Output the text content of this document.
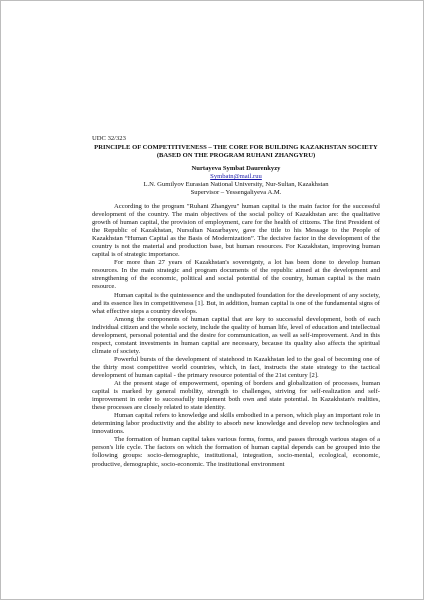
UDC 32/323
PRINCIPLE OF COMPETITIVENESS – THE CORE FOR BUILDING KAZAKHSTAN SOCIETY (BASED ON THE PROGRAM RUHANI ZHANGYRU)
Nurtayeva Symbat Daurenkyzy
Symbatn@mail.ruu
L.N. Gumilyov Eurasian National University, Nur-Sultan, Kazakhstan
Supervisor – Yessengaliyeva A.M.

According to the program "Ruhani Zhangyru" human capital is the main factor for the successful development of the country. The main objectives of the social policy of Kazakhstan are: the qualitative growth of human capital, the provision of employment, care for the health of citizens. The first President of the Republic of Kazakhstan, Nursultan Nazarbayev, gave the title to his Message to the People of Kazakhstan “Human Capital as the Basis of Modernization”. The decisive factor in the development of the country is not the material and production base, but human resources. For Kazakhstan, improving human capital is of strategic importance.

For more than 27 years of Kazakhstan's sovereignty, a lot has been done to develop human resources. In the main strategic and program documents of the republic aimed at the development and strengthening of the economic, political and social potential of the country, human capital is the main resource.

Human capital is the quintessence and the undisputed foundation for the development of any society, and its essence lies in competitiveness [1]. But, in addition, human capital is one of the fundamental signs of what effective steps a country develops.

Among the components of human capital that are key to successful development, both of each individual citizen and the whole society, include the quality of human life, level of education and intellectual development, personal potential and the desire for communication, as well as self-improvement. And in this respect, constant investments in human capital are necessary, because its quality also affects the spiritual climate of society.

Powerful bursts of the development of statehood in Kazakhstan led to the goal of becoming one of the thirty most competitive world countries, which, in fact, instructs the state strategy to the tactical development of human capital - the primary resource potential of the 21st century [2].

At the present stage of empowerment, opening of borders and globalization of processes, human capital is marked by general mobility, strength to challenges, striving for self-realization and self-improvement in order to successfully implement both own and state potential. In Kazakhstan's realities, these processes are closely related to state identity.

Human capital refers to knowledge and skills embodied in a person, which play an important role in determining labor productivity and the ability to absorb new knowledge and develop new technologies and innovations.

The formation of human capital takes various forms, forms, and passes through various stages of a person's life cycle. The factors on which the formation of human capital depends can be grouped into the following groups: socio-demographic, institutional, integration, socio-mental, ecological, economic, productive, demographic, socio-economic. The institutional environment
